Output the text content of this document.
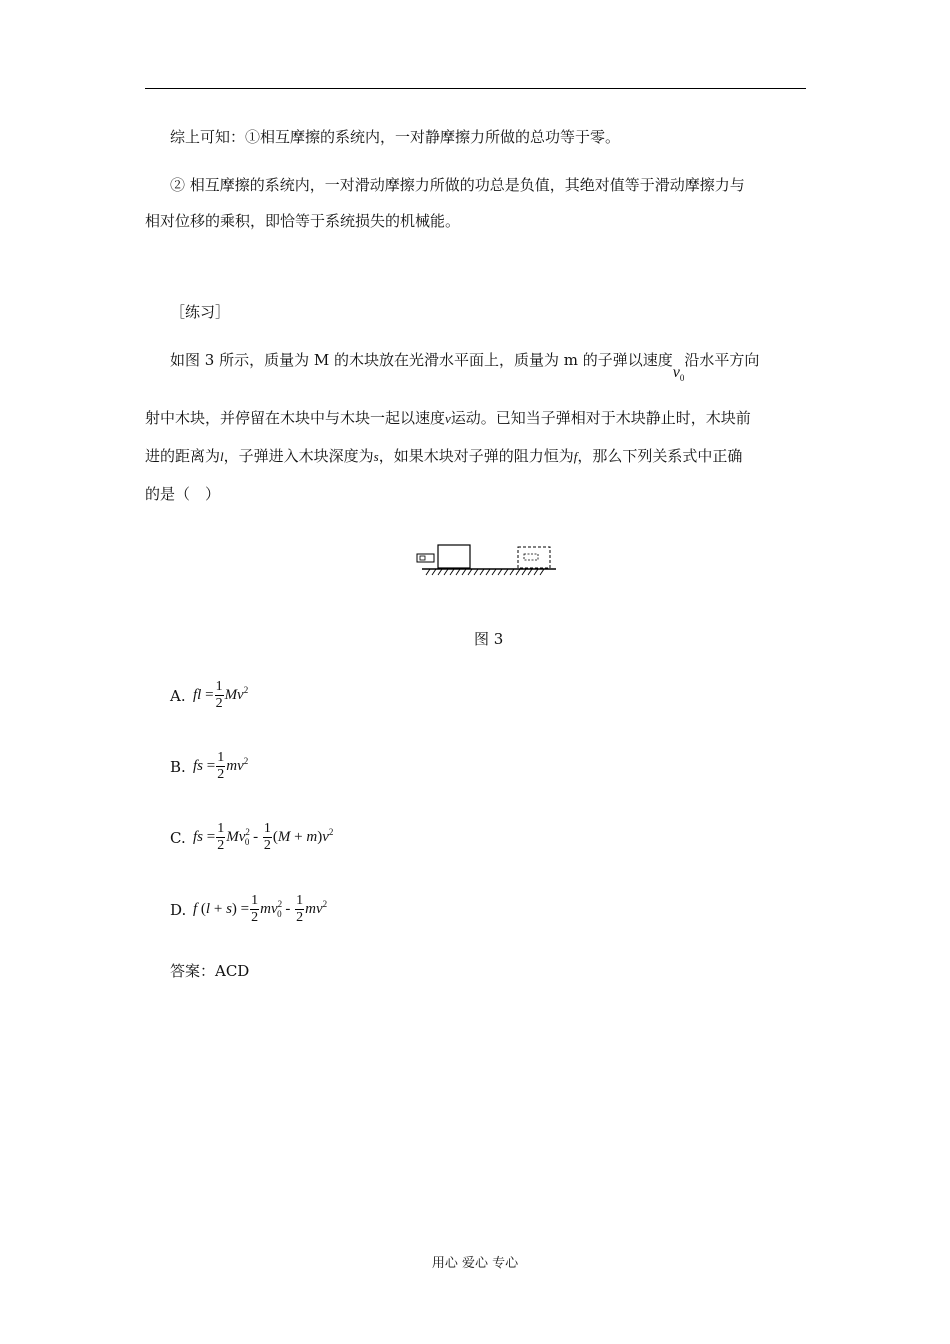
综上可知：①相互摩擦的系统内，一对静摩擦力所做的总功等于零。
② 相互摩擦的系统内，一对滑动摩擦力所做的功总是负值，其绝对值等于滑动摩擦力与
相对位移的乘积，即恰等于系统损失的机械能。
［练习］
如图 3 所示，质量为 M 的木块放在光滑水平面上，质量为 m 的子弹以速度$v_0$沿水平方向
射中木块，并停留在木块中与木块一起以速度v运动。已知当子弹相对于木块静止时，木块前
进的距离为l，子弹进入木块深度为s，如果木块对子弹的阻力恒为f，那么下列关系式中正确
的是（　）
图 3
A. fl = $\frac{1}{2} Mv^2$
B. fs = $\frac{1}{2} mv^2$
C. fs = $\frac{1}{2} Mv^2_0 - \frac{1}{2} (M + m)v^2$
D. f $(l + s) = \frac{1}{2} mv^2_0 - \frac{1}{2} mv^2$
答案：ACD
用心 爱心 专心
